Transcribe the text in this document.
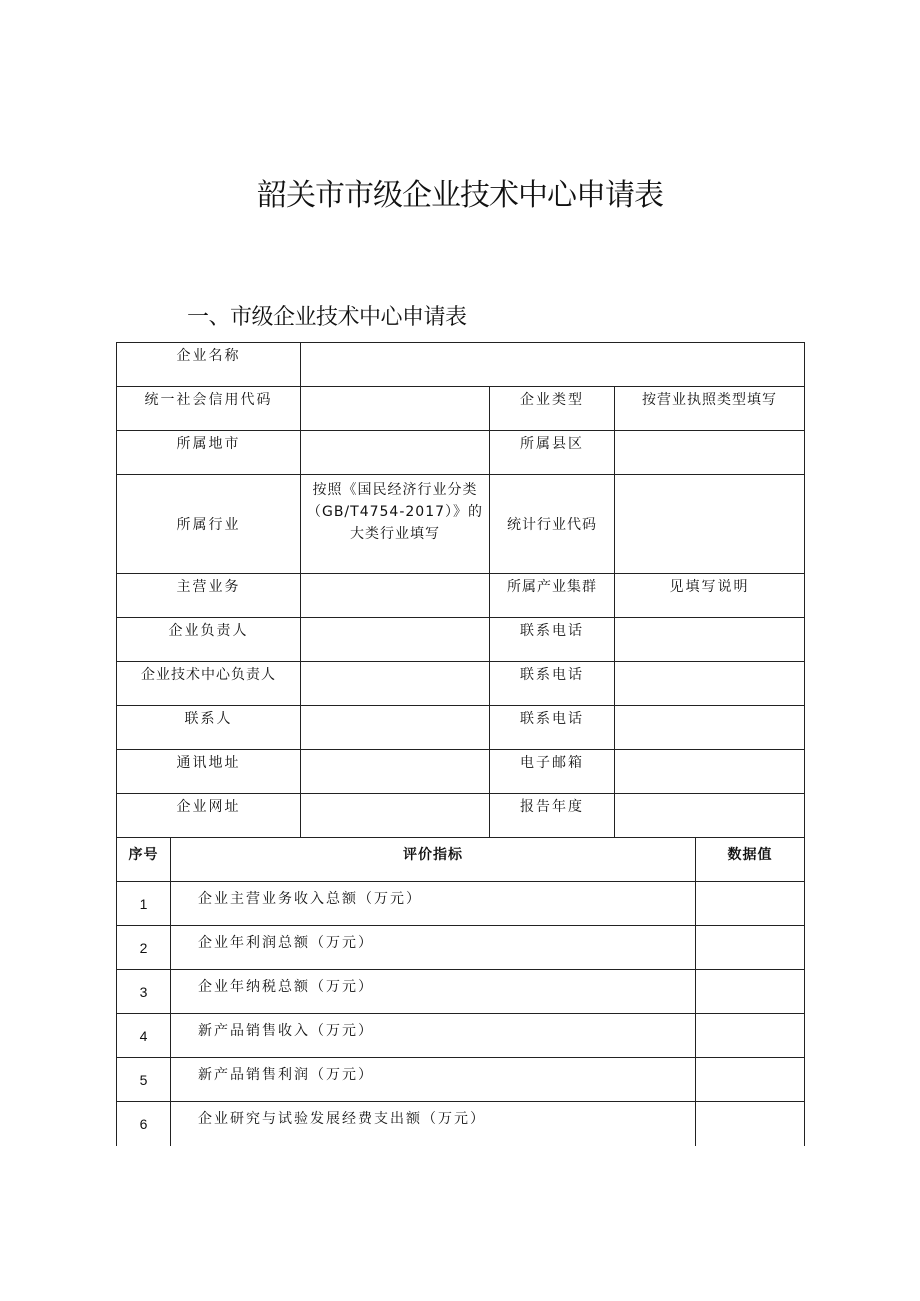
韶关市市级企业技术中心申请表
一、市级企业技术中心申请表
企业名称			

统一社会信用代码		企业类型	按营业执照类型填写

所属地市		所属县区	

所属行业	按照《国民经济行业分类（GB/T4754-2017）》的大类行业填写	统计行业代码	

主营业务		所属产业集群	见填写说明

企业负责人		联系电话	

企业技术中心负责人		联系电话	

联系人		联系电话	

通讯地址		电子邮箱	

企业网址		报告年度	

序号	评价指标	数据值
1	企业主营业务收入总额（万元）	
2	企业年利润总额（万元）	
3	企业年纳税总额（万元）	
4	新产品销售收入（万元）	
5	新产品销售利润（万元）	
6	企业研究与试验发展经费支出额（万元）	
